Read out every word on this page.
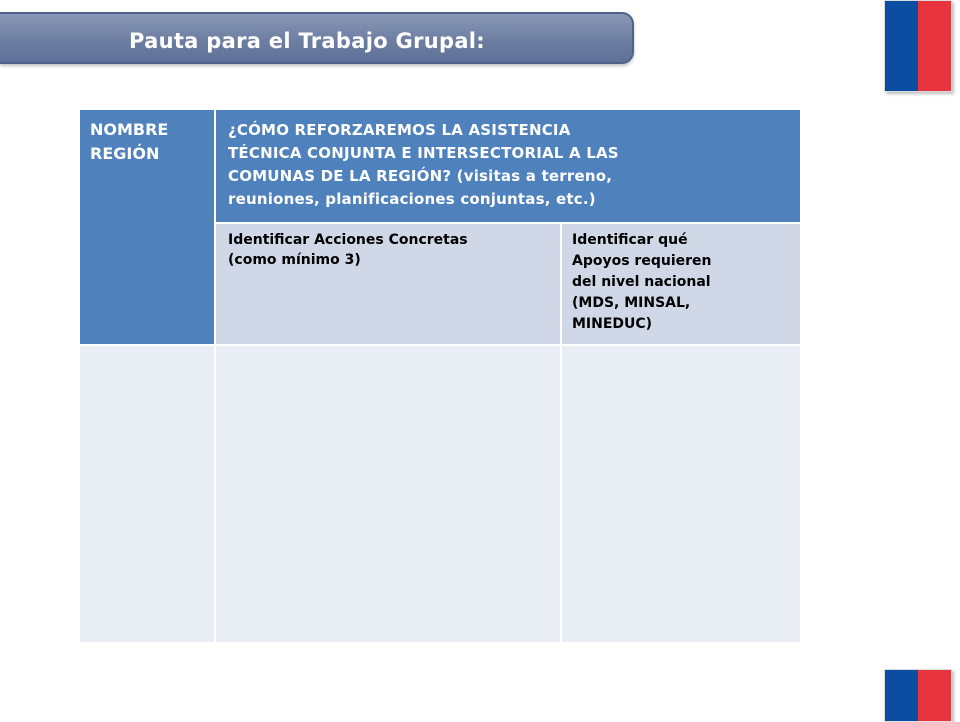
Pauta para el Trabajo Grupal:
NOMBRE
REGIÓN
¿CÓMO REFORZAREMOS LA ASISTENCIA
TÉCNICA CONJUNTA E INTERSECTORIAL A LAS
COMUNAS DE LA REGIÓN? (visitas a terreno,
reuniones, planificaciones conjuntas, etc.)
Identificar Acciones Concretas
(como mínimo 3)
Identificar qué
Apoyos requieren
del nivel nacional
(MDS, MINSAL,
MINEDUC)
